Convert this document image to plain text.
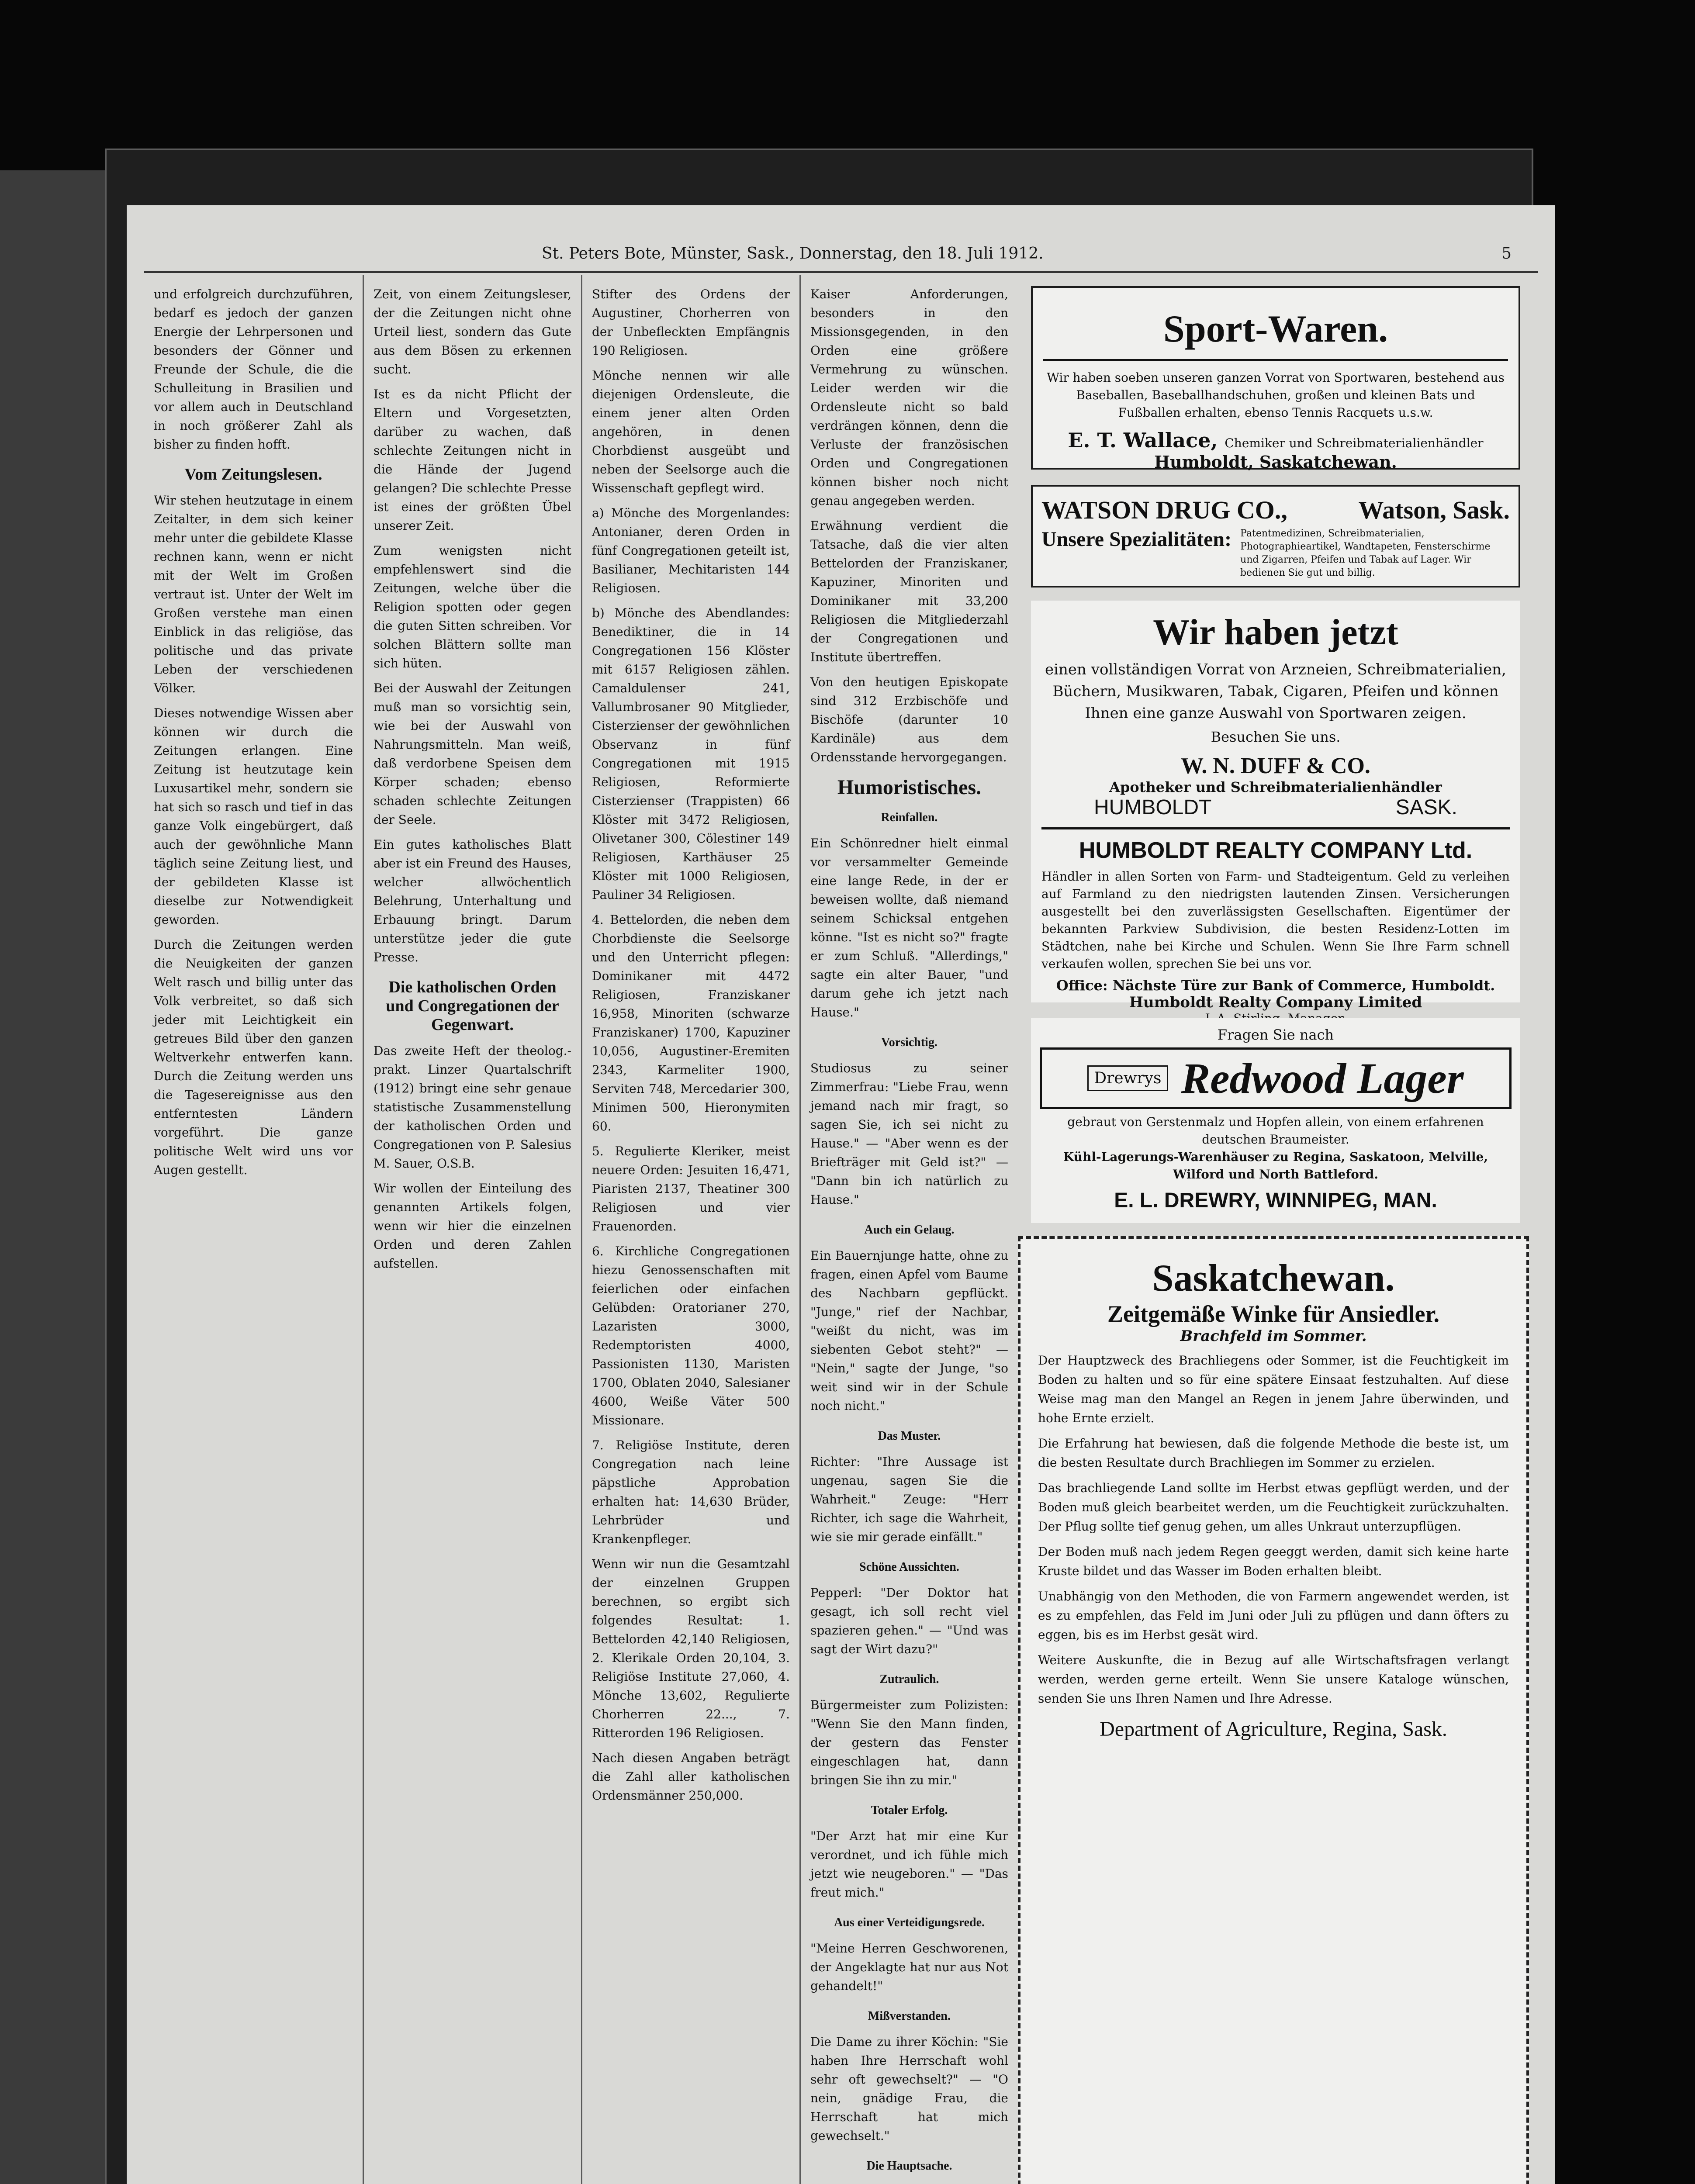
St. Peters Bote, Münster, Sask., Donnerstag, den 18. Juli 1912.	5

und erfolgreich durchzuführen, bedarf es jedoch der ganzen Energie der Lehrpersonen und besonders der Gönner und Freunde der Schule, die die Schulleitung in Brasilien und vor allem auch in Deutschland in noch größerer Zahl als bisher zu finden hofft.

Vom Zeitungslesen.

Wir stehen heutzutage in einem Zeitalter, in dem sich keiner mehr unter die gebildete Klasse rechnen kann, wenn er nicht mit der Welt im Großen vertraut ist. Unter der Welt im Großen verstehe man einen Einblick in das religiöse, das politische und das private Leben der verschiedenen Völker.

Dieses notwendige Wissen aber können wir durch die Zeitungen erlangen. Eine Zeitung ist heutzutage kein Luxusartikel mehr, sondern sie hat sich so rasch und tief in das ganze Volk eingebürgert, daß auch der gewöhnliche Mann täglich seine Zeitung liest, und der gebildeten Klasse ist dieselbe zur Notwendigkeit geworden.

Durch die Zeitungen werden die Neuigkeiten der ganzen Welt rasch und billig unter das Volk verbreitet, so daß sich jeder mit Leichtigkeit ein getreues Bild über den ganzen Weltverkehr entwerfen kann. Durch die Zeitung werden uns die Tagesereignisse aus den entferntesten Ländern vorgeführt. Die ganze politische Welt wird uns vor Augen gestellt.

Zeit, von einem Zeitungsleser, der die Zeitungen nicht ohne Urteil liest, sondern das Gute aus dem Bösen zu erkennen sucht.

Ist es da nicht Pflicht der Eltern und Vorgesetzten, darüber zu wachen, daß schlechte Zeitungen nicht in die Hände der Jugend gelangen? Die schlechte Presse ist eines der größten Übel unserer Zeit.

Zum wenigsten nicht empfehlenswert sind die Zeitungen, welche über die Religion spotten oder gegen die guten Sitten schreiben. Vor solchen Blättern sollte man sich hüten.

Bei der Auswahl der Zeitungen muß man so vorsichtig sein, wie bei der Auswahl von Nahrungsmitteln. Man weiß, daß verdorbene Speisen dem Körper schaden; ebenso schaden schlechte Zeitungen der Seele.

Ein gutes katholisches Blatt aber ist ein Freund des Hauses, welcher allwöchentlich Belehrung, Unterhaltung und Erbauung bringt. Darum unterstütze jeder die gute Presse.

Die katholischen Orden und Congregationen der Gegenwart.

Das zweite Heft der theolog.-prakt. Linzer Quartalschrift (1912) bringt eine sehr genaue statistische Zusammenstellung der katholischen Orden und Congregationen von P. Salesius M. Sauer, O.S.B.

Wir wollen der Einteilung des genannten Artikels folgen, wenn wir hier die einzelnen Orden und deren Zahlen aufstellen.

Stifter des Ordens der Augustiner, Chorherren von der Unbefleckten Empfängnis 190 Religiosen.

Mönche nennen wir alle diejenigen Ordensleute, die einem jener alten Orden angehören, in denen Chorbdienst ausgeübt und neben der Seelsorge auch die Wissenschaft gepflegt wird.

a) Mönche des Morgenlandes: Antonianer, deren Orden in fünf Congregationen geteilt ist, Basilianer, Mechitaristen 144 Religiosen.

b) Mönche des Abendlandes: Benediktiner, die in 14 Congregationen 156 Klöster mit 6157 Religiosen zählen. Camaldulenser 241, Vallumbrosaner 90 Mitglieder, Cisterzienser der gewöhnlichen Observanz in fünf Congregationen mit 1915 Religiosen, Reformierte Cisterzienser (Trappisten) 66 Klöster mit 3472 Religiosen, Olivetaner 300, Cölestiner 149 Religiosen, Karthäuser 25 Klöster mit 1000 Religiosen, Pauliner 34 Religiosen.

4. Bettelorden, die neben dem Chorbdienste die Seelsorge und den Unterricht pflegen: Dominikaner mit 4472 Religiosen, Franziskaner 16,958, Minoriten (schwarze Franziskaner) 1700, Kapuziner 10,056, Augustiner-Eremiten 2343, Karmeliter 1900, Serviten 748, Mercedarier 300, Minimen 500, Hieronymiten 60.

5. Regulierte Kleriker, meist neuere Orden: Jesuiten 16,471, Piaristen 2137, Theatiner 300 Religiosen und vier Frauenorden.

6. Kirchliche Congregationen hiezu Genossenschaften mit feierlichen oder einfachen Gelübden: Oratorianer 270, Lazaristen 3000, Redemptoristen 4000, Passionisten 1130, Maristen 1700, Oblaten 2040, Salesianer 4600, Weiße Väter 500 Missionare.

7. Religiöse Institute, deren Congregation nach leine päpstliche Approbation erhalten hat: 14,630 Brüder, Lehrbrüder und Krankenpfleger.

Wenn wir nun die Gesamtzahl der einzelnen Gruppen berechnen, so ergibt sich folgendes Resultat: 1. Bettelorden 42,140 Religiosen, 2. Klerikale Orden 20,104, 3. Religiöse Institute 27,060, 4. Mönche 13,602, Regulierte Chorherren 22..., 7. Ritterorden 196 Religiosen.

Nach diesen Angaben beträgt die Zahl aller katholischen Ordensmänner 250,000.

Kaiser Anforderungen, besonders in den Missionsgegenden, in den Orden eine größere Vermehrung zu wünschen. Leider werden wir die Ordensleute nicht so bald verdrängen können, denn die Verluste der französischen Orden und Congregationen können bisher noch nicht genau angegeben werden.

Erwähnung verdient die Tatsache, daß die vier alten Bettelorden der Franziskaner, Kapuziner, Minoriten und Dominikaner mit 33,200 Religiosen die Mitgliederzahl der Congregationen und Institute übertreffen.

Von den heutigen Episkopate sind 312 Erzbischöfe und Bischöfe (darunter 10 Kardinäle) aus dem Ordensstande hervorgegangen.

Humoristisches.
Reinfallen.

Ein Schönredner hielt einmal vor versammelter Gemeinde eine lange Rede, in der er beweisen wollte, daß niemand seinem Schicksal entgehen könne. "Ist es nicht so?" fragte er zum Schluß. "Allerdings," sagte ein alter Bauer, "und darum gehe ich jetzt nach Hause."

Vorsichtig.

Studiosus zu seiner Zimmerfrau: "Liebe Frau, wenn jemand nach mir fragt, so sagen Sie, ich sei nicht zu Hause." — "Aber wenn es der Briefträger mit Geld ist?" — "Dann bin ich natürlich zu Hause."

Auch ein Gelaug.

Ein Bauernjunge hatte, ohne zu fragen, einen Apfel vom Baume des Nachbarn gepflückt. "Junge," rief der Nachbar, "weißt du nicht, was im siebenten Gebot steht?" — "Nein," sagte der Junge, "so weit sind wir in der Schule noch nicht."

Das Muster.

Richter: "Ihre Aussage ist ungenau, sagen Sie die Wahrheit." Zeuge: "Herr Richter, ich sage die Wahrheit, wie sie mir gerade einfällt."

Schöne Aussichten.

Pepperl: "Der Doktor hat gesagt, ich soll recht viel spazieren gehen." — "Und was sagt der Wirt dazu?"

Zutraulich.

Bürgermeister zum Polizisten: "Wenn Sie den Mann finden, der gestern das Fenster eingeschlagen hat, dann bringen Sie ihn zu mir."

Totaler Erfolg.

"Der Arzt hat mir eine Kur verordnet, und ich fühle mich jetzt wie neugeboren." — "Das freut mich."

Aus einer Verteidigungsrede.

"Meine Herren Geschworenen, der Angeklagte hat nur aus Not gehandelt!"

Mißverstanden.

Die Dame zu ihrer Köchin: "Sie haben Ihre Herrschaft wohl sehr oft gewechselt?" — "O nein, gnädige Frau, die Herrschaft hat mich gewechselt."

Die Hauptsache.

Sport-Waren.
Wir haben soeben unseren ganzen Vorrat von Sportwaren, bestehend aus Baseballen, Baseballhandschuhen, großen und kleinen Bats und Fußballen erhalten, ebenso Tennis Racquets u.s.w.
E. T. Wallace, Chemiker und Schreibmaterialienhändler
Humboldt, Saskatchewan.
WATSON DRUG CO.,	Watson, Sask.
Unsere Spezialitäten: Patentmedizinen, Schreibmaterialien, Photographieartikel, Wandtapeten, Fensterschirme und Zigarren, Pfeifen und Tabak auf Lager. Wir bedienen Sie gut und billig.
Wir haben jetzt
einen vollständigen Vorrat von Arzneien, Schreibmaterialien, Büchern, Musikwaren, Tabak, Cigaren, Pfeifen und können Ihnen eine ganze Auswahl von Sportwaren zeigen.
Besuchen Sie uns.
W. N. DUFF & CO.
Apotheker und Schreibmaterialienhändler
HUMBOLDT	SASK.
HUMBOLDT REALTY COMPANY Ltd.
Händler in allen Sorten von Farm- und Stadteigentum. Geld zu verleihen auf Farmland zu den niedrigsten lautenden Zinsen. Versicherungen ausgestellt bei den zuverlässigsten Gesellschaften. Eigentümer der bekannten Parkview Subdivision, die besten Residenz-Lotten im Städtchen, nahe bei Kirche und Schulen. Wenn Sie Ihre Farm schnell verkaufen wollen, sprechen Sie bei uns vor.
Office: Nächste Türe zur Bank of Commerce, Humboldt.
Humboldt Realty Company Limited
Fragen Sie nach
Drewrys Redwood Lager
gebraut von Gerstenmalz und Hopfen allein, von einem erfahrenen deutschen Braumeister.
Kühl-Lagerungs-Warenhäuser zu Regina, Saskatoon, Melville, Wilford und North Battleford.
E. L. DREWRY, WINNIPEG, MAN.
Saskatchewan.
Zeitgemäße Winke für Ansiedler.
Brachfeld im Sommer.

Der Hauptzweck des Brachliegens oder Sommer, ist die Feuchtigkeit im Boden zu halten und so für eine spätere Einsaat festzuhalten. Auf diese Weise mag man den Mangel an Regen in jenem Jahre überwinden, und hohe Ernte erzielt.

Die Erfahrung hat bewiesen, daß die folgende Methode die beste ist, um die besten Resultate durch Brachliegen im Sommer zu erzielen.

Das brachliegende Land sollte im Herbst etwas gepflügt werden, und der Boden muß gleich bearbeitet werden, um die Feuchtigkeit zurückzuhalten. Der Pflug sollte tief genug gehen, um alles Unkraut unterzupflügen.

Der Boden muß nach jedem Regen geeggt werden, damit sich keine harte Kruste bildet und das Wasser im Boden erhalten bleibt.

Unabhängig von den Methoden, die von Farmern angewendet werden, ist es zu empfehlen, das Feld im Juni oder Juli zu pflügen und dann öfters zu eggen, bis es im Herbst gesät wird.

Weitere Auskunfte, die in Bezug auf alle Wirtschaftsfragen verlangt werden, werden gerne erteilt. Wenn Sie unsere Kataloge wünschen, senden Sie uns Ihren Namen und Ihre Adresse.

Department of Agriculture, Regina, Sask.
